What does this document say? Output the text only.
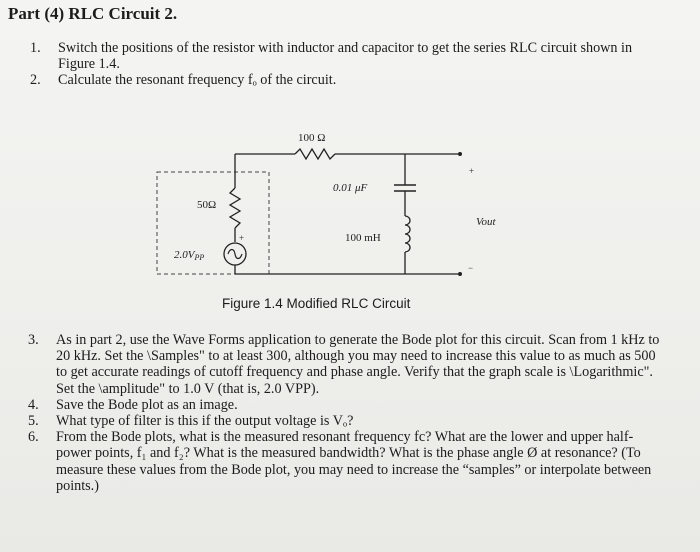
Part (4) RLC Circuit 2.
1. Switch the positions of the resistor with inductor and capacitor to get the series RLC circuit shown in Figure 1.4.
2. Calculate the resonant frequency fₒ of the circuit.
+
100 Ω
50Ω
0.01 μF
100 mH
2.0VPP
Vout
+
−
Figure 1.4 Modified RLC Circuit
3. As in part 2, use the Wave Forms application to generate the Bode plot for this circuit. Scan from 1 kHz to 20 kHz. Set the \Samples" to at least 300, although you may need to increase this value to as much as 500 to get accurate readings of cutoff frequency and phase angle. Verify that the graph scale is \Logarithmic". Set the \amplitude" to 1.0 V (that is, 2.0 VPP).
4. Save the Bode plot as an image.
5. What type of filter is this if the output voltage is Vₒ?
6. From the Bode plots, what is the measured resonant frequency fc? What are the lower and upper half-power points, f₁ and f₂? What is the measured bandwidth? What is the phase angle Ø at resonance? (To measure these values from the Bode plot, you may need to increase the “samples” or interpolate between points.)
